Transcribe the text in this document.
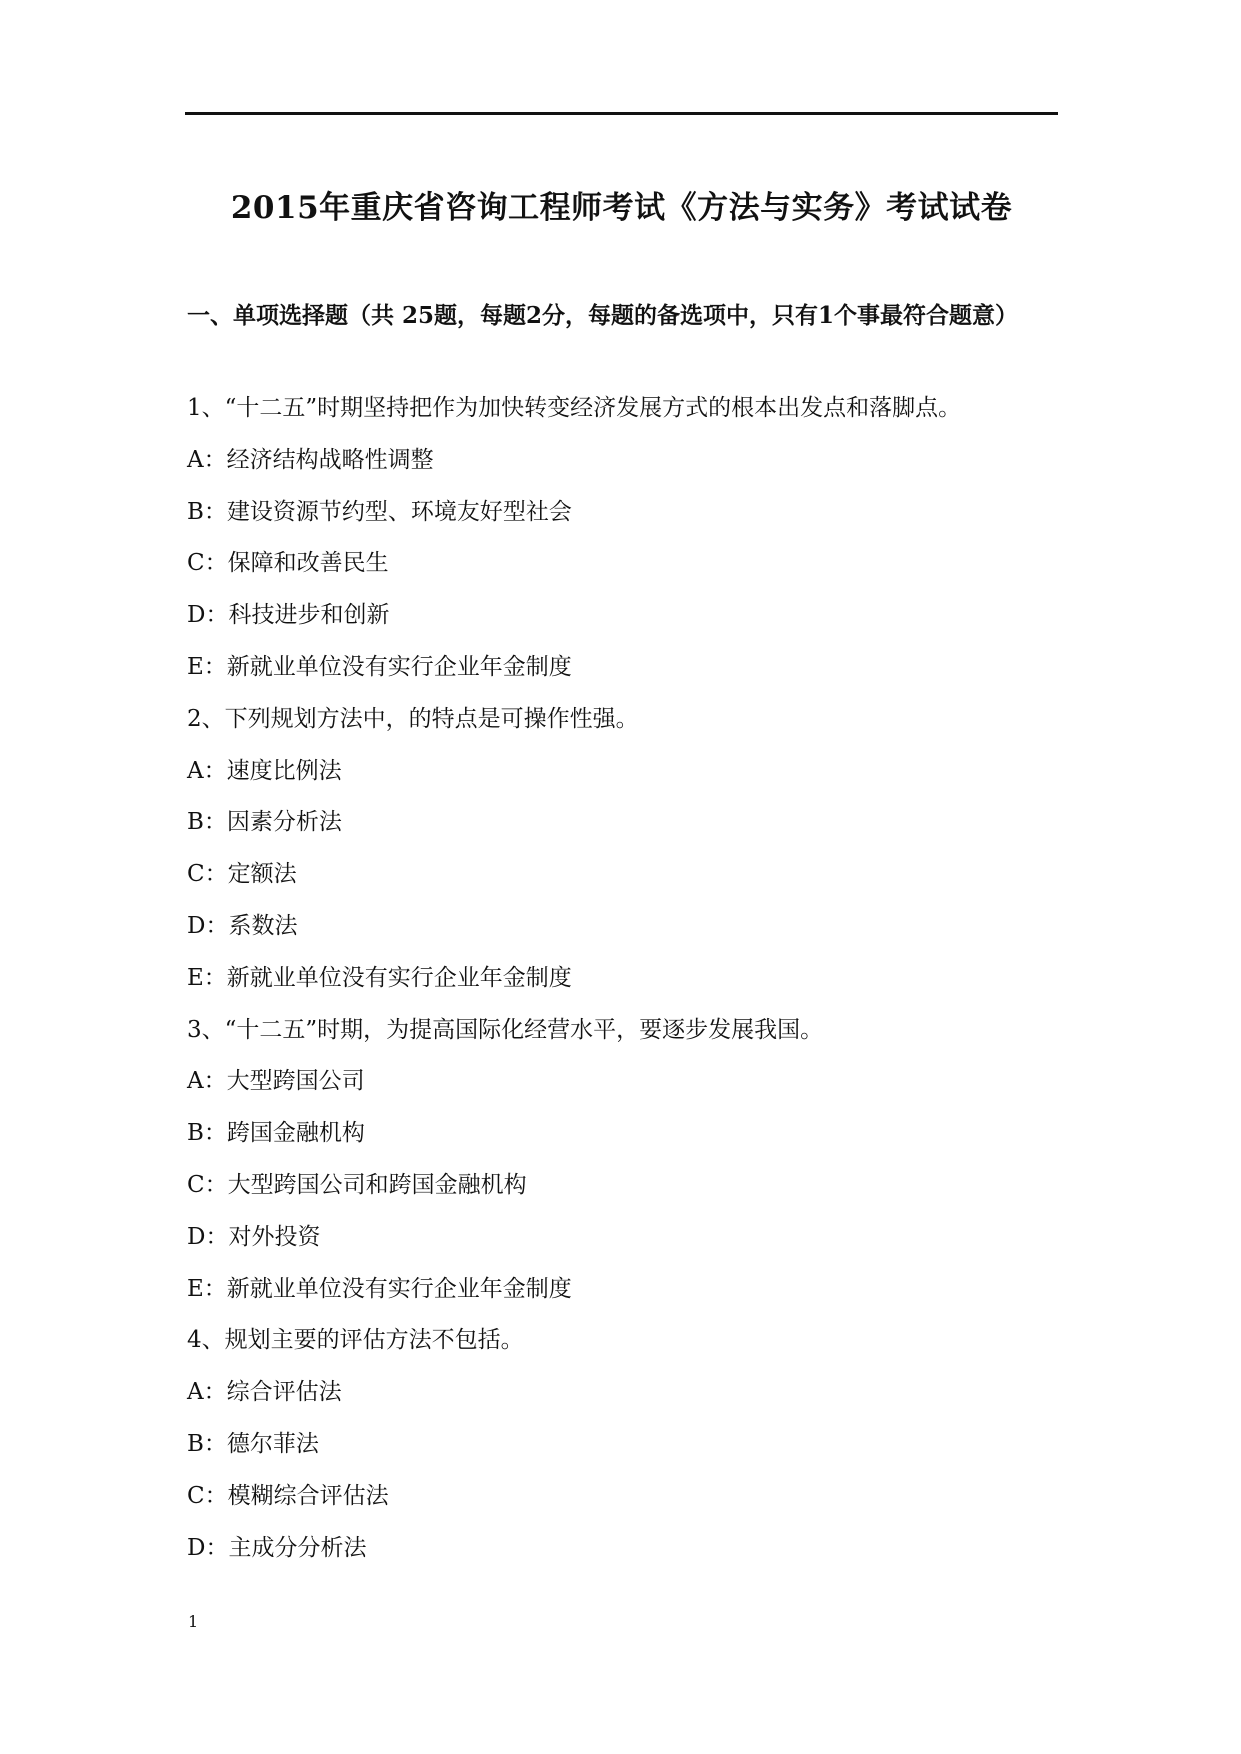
2015年重庆省咨询工程师考试《方法与实务》考试试卷
一、单项选择题（共 25题，每题2分，每题的备选项中，只有1个事最符合题意）
1、“十二五”时期坚持把作为加快转变经济发展方式的根本出发点和落脚点。
A：经济结构战略性调整
B：建设资源节约型、环境友好型社会
C：保障和改善民生
D：科技进步和创新
E：新就业单位没有实行企业年金制度
2、下列规划方法中，的特点是可操作性强。
A：速度比例法
B：因素分析法
C：定额法
D：系数法
E：新就业单位没有实行企业年金制度
3、“十二五”时期，为提高国际化经营水平，要逐步发展我国。
A：大型跨国公司
B：跨国金融机构
C：大型跨国公司和跨国金融机构
D：对外投资
E：新就业单位没有实行企业年金制度
4、规划主要的评估方法不包括。
A：综合评估法
B：德尔菲法
C：模糊综合评估法
D：主成分分析法
1
